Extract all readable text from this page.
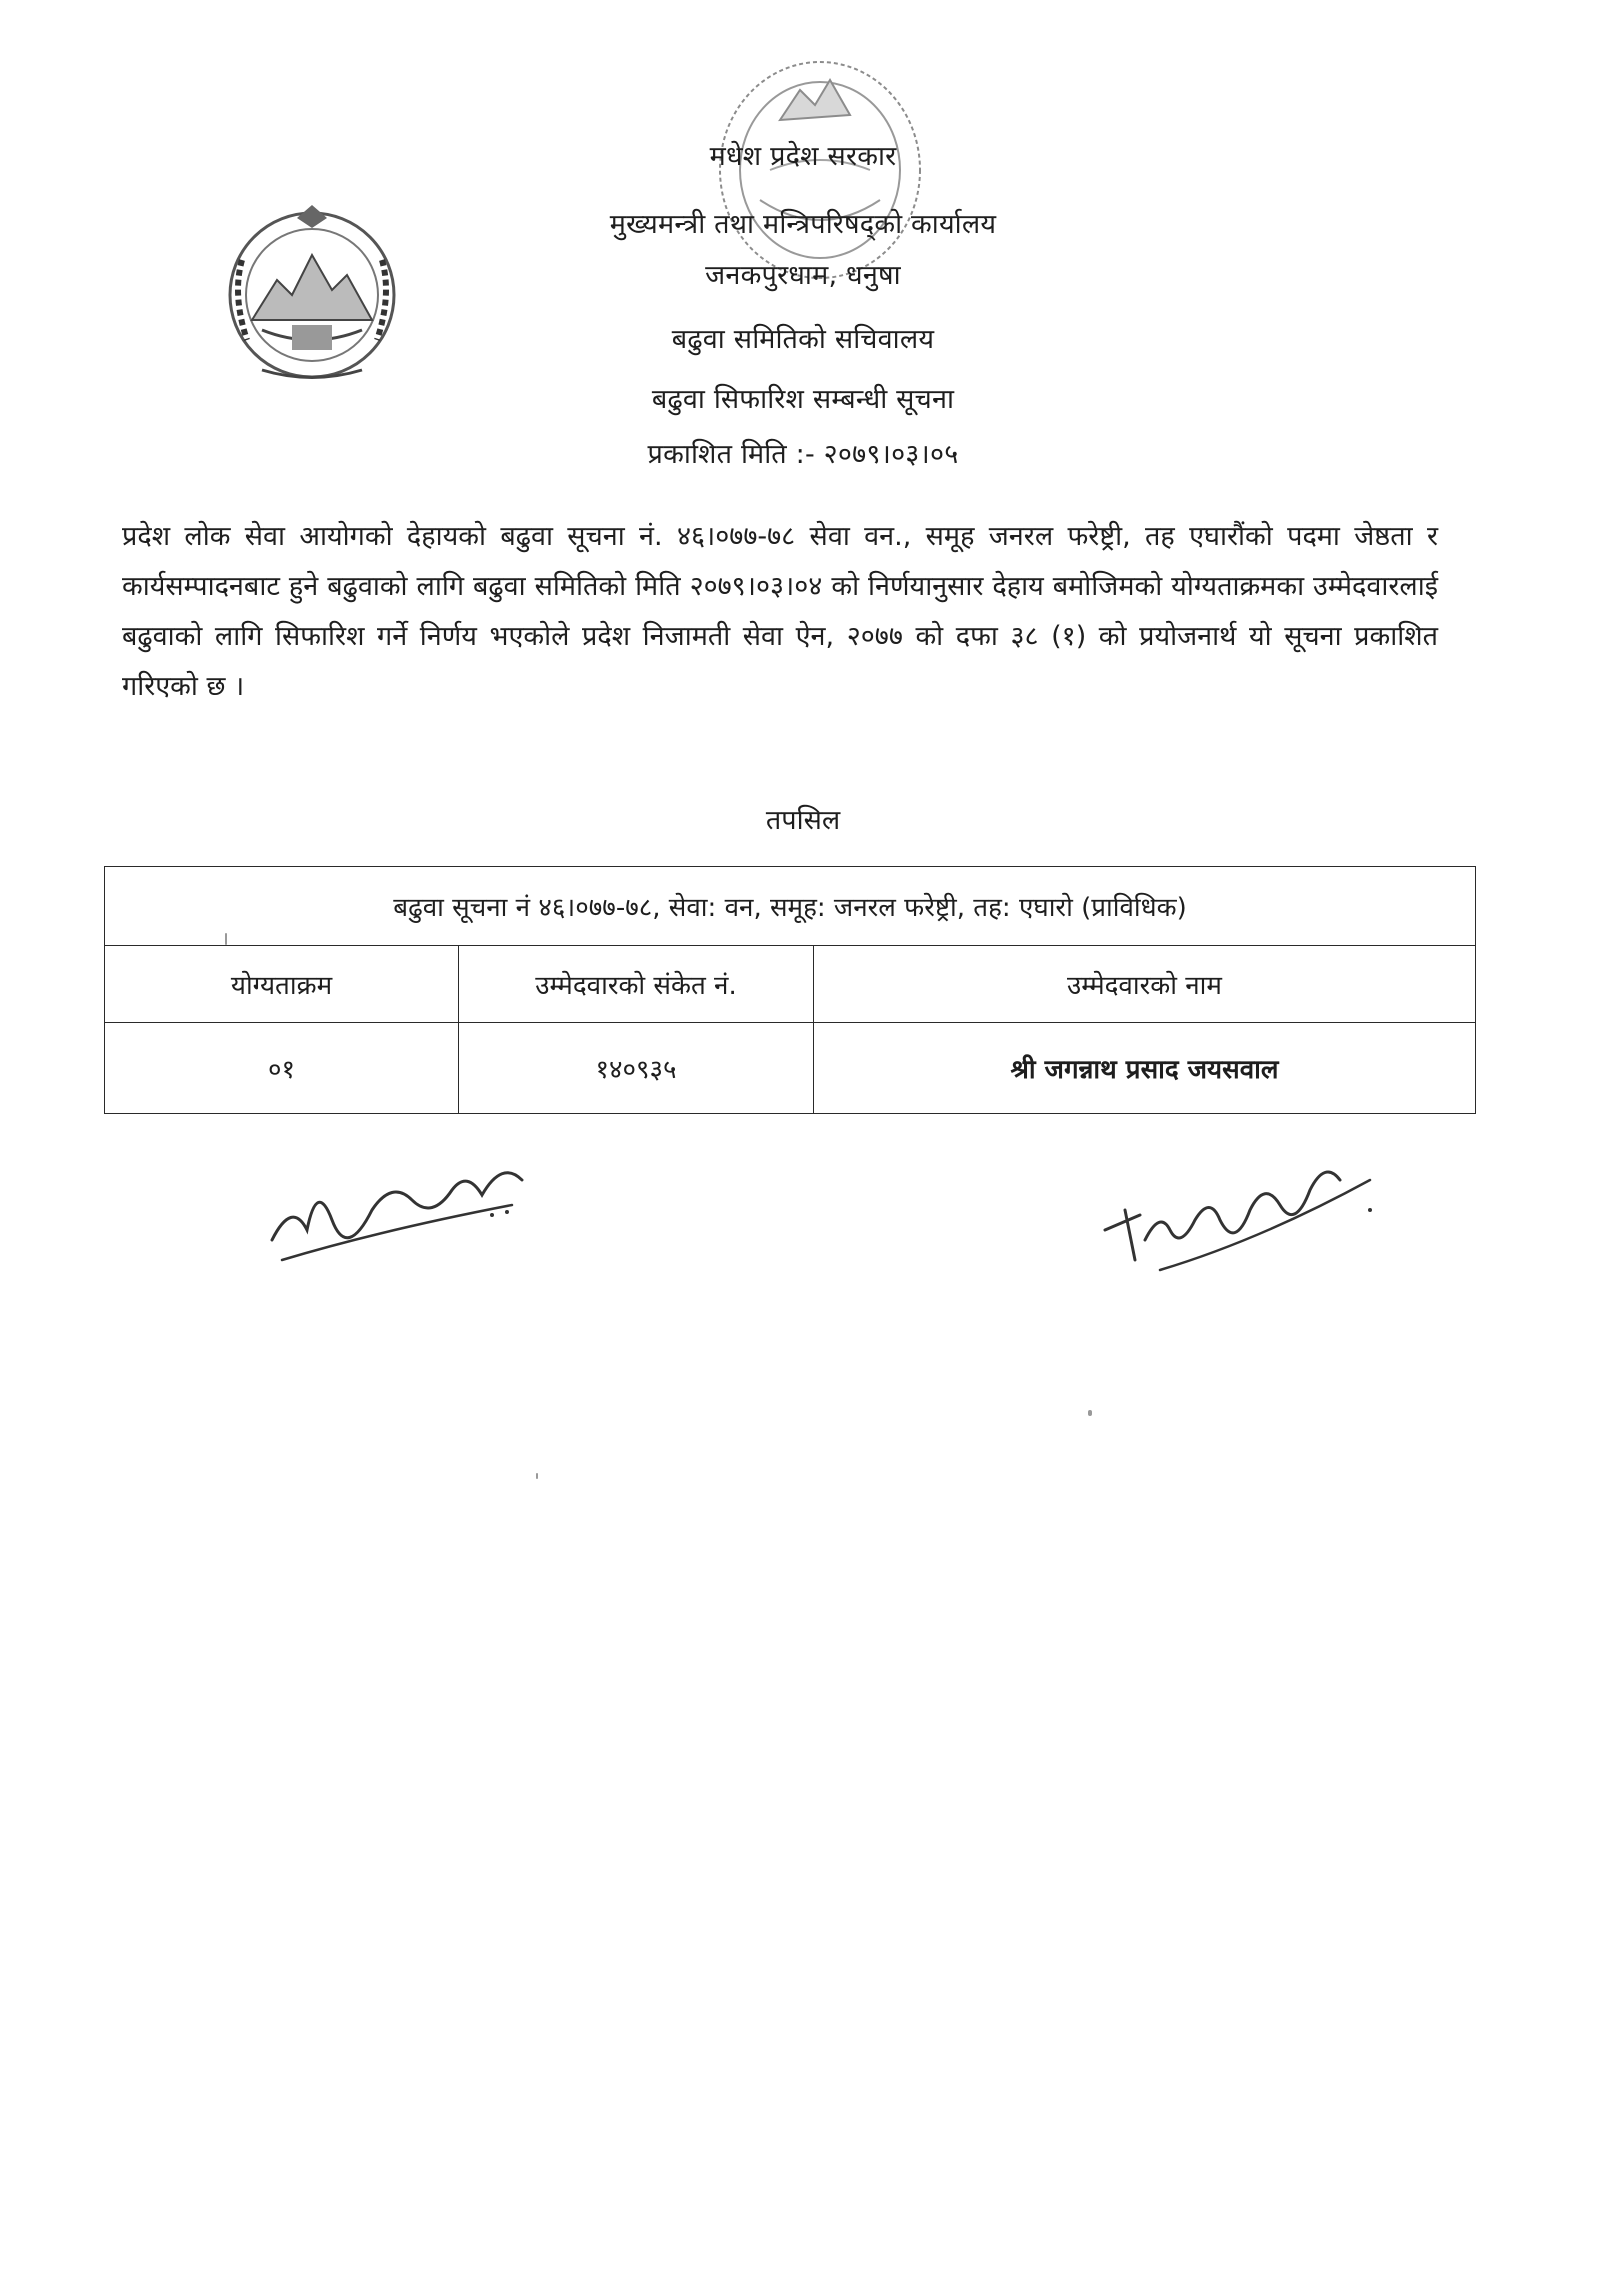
मधेश प्रदेश सरकार
मुख्यमन्त्री तथा मन्त्रिपरिषद्को कार्यालय
जनकपुरधाम, धनुषा
बढुवा समितिको सचिवालय
बढुवा सिफारिश सम्बन्धी सूचना
प्रकाशित मिति :- २०७९।०३।०५
प्रदेश लोक सेवा आयोगको देहायको बढुवा सूचना नं. ४६।०७७-७८ सेवा वन., समूह जनरल फरेष्ट्री, तह एघारौंको पदमा जेष्ठता र कार्यसम्पादनबाट हुने बढुवाको लागि बढुवा समितिको मिति २०७९।०३।०४ को निर्णयानुसार देहाय बमोजिमको योग्यताक्रमका उम्मेदवारलाई बढुवाको लागि सिफारिश गर्ने निर्णय भएकोले प्रदेश निजामती सेवा ऐन, २०७७ को दफा ३८ (१) को प्रयोजनार्थ यो सूचना प्रकाशित गरिएको छ ।
तपसिल
बढुवा सूचना नं ४६।०७७-७८, सेवा: वन, समूह: जनरल फरेष्ट्री, तह: एघारो (प्राविधिक)		
योग्यताक्रम	उम्मेदवारको संकेत नं.	उम्मेदवारको नाम
०१	१४०९३५	श्री जगन्नाथ प्रसाद जयसवाल
